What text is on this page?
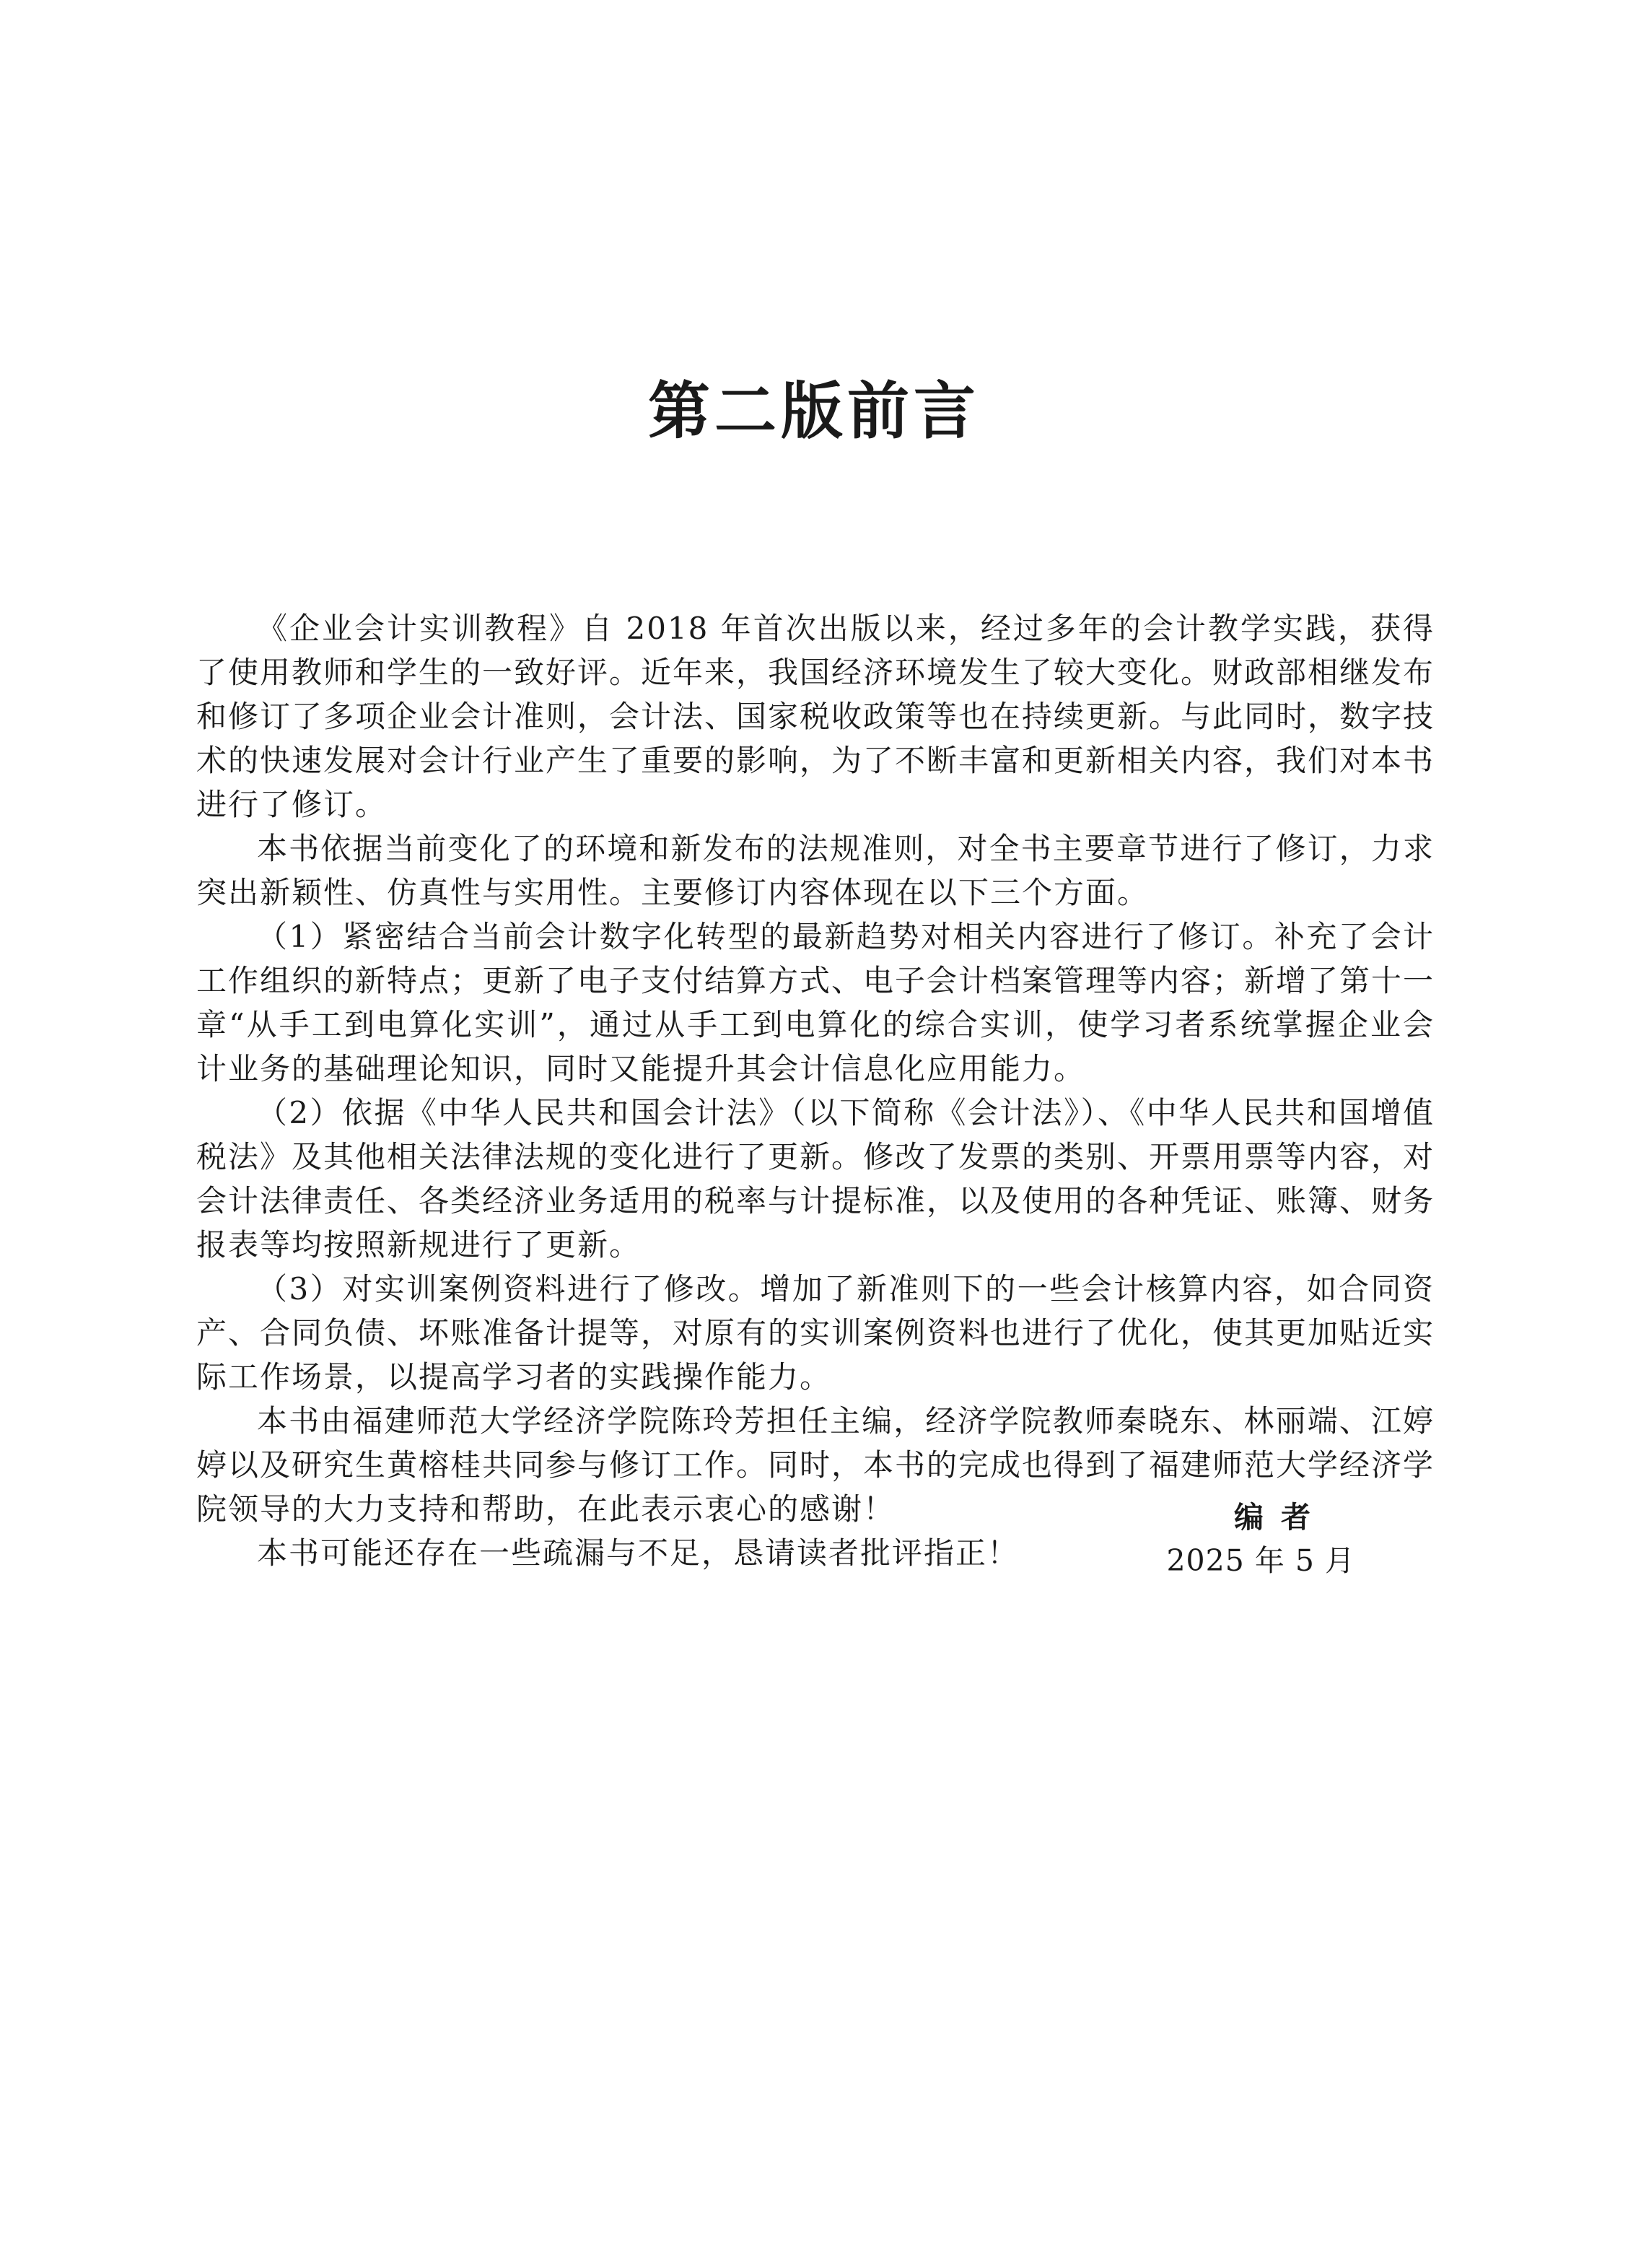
第二版前言

《企业会计实训教程》自 2018 年首次出版以来，经过多年的会计教学实践，获得了使用教师和学生的一致好评。近年来，我国经济环境发生了较大变化。财政部相继发布和修订了多项企业会计准则，会计法、国家税收政策等也在持续更新。与此同时，数字技术的快速发展对会计行业产生了重要的影响，为了不断丰富和更新相关内容，我们对本书进行了修订。

本书依据当前变化了的环境和新发布的法规准则，对全书主要章节进行了修订，力求突出新颖性、仿真性与实用性。主要修订内容体现在以下三个方面。

（1）紧密结合当前会计数字化转型的最新趋势对相关内容进行了修订。补充了会计工作组织的新特点；更新了电子支付结算方式、电子会计档案管理等内容；新增了第十一章“从手工到电算化实训”，通过从手工到电算化的综合实训，使学习者系统掌握企业会计业务的基础理论知识，同时又能提升其会计信息化应用能力。

（2）依据《中华人民共和国会计法》（以下简称《会计法》）、《中华人民共和国增值税法》及其他相关法律法规的变化进行了更新。修改了发票的类别、开票用票等内容，对会计法律责任、各类经济业务适用的税率与计提标准，以及使用的各种凭证、账簿、财务报表等均按照新规进行了更新。

（3）对实训案例资料进行了修改。增加了新准则下的一些会计核算内容，如合同资产、合同负债、坏账准备计提等，对原有的实训案例资料也进行了优化，使其更加贴近实际工作场景，以提高学习者的实践操作能力。

本书由福建师范大学经济学院陈玲芳担任主编，经济学院教师秦晓东、林丽端、江婷婷以及研究生黄榕桂共同参与修订工作。同时，本书的完成也得到了福建师范大学经济学院领导的大力支持和帮助，在此表示衷心的感谢！

本书可能还存在一些疏漏与不足，恳请读者批评指正！

编者
2025 年 5 月
